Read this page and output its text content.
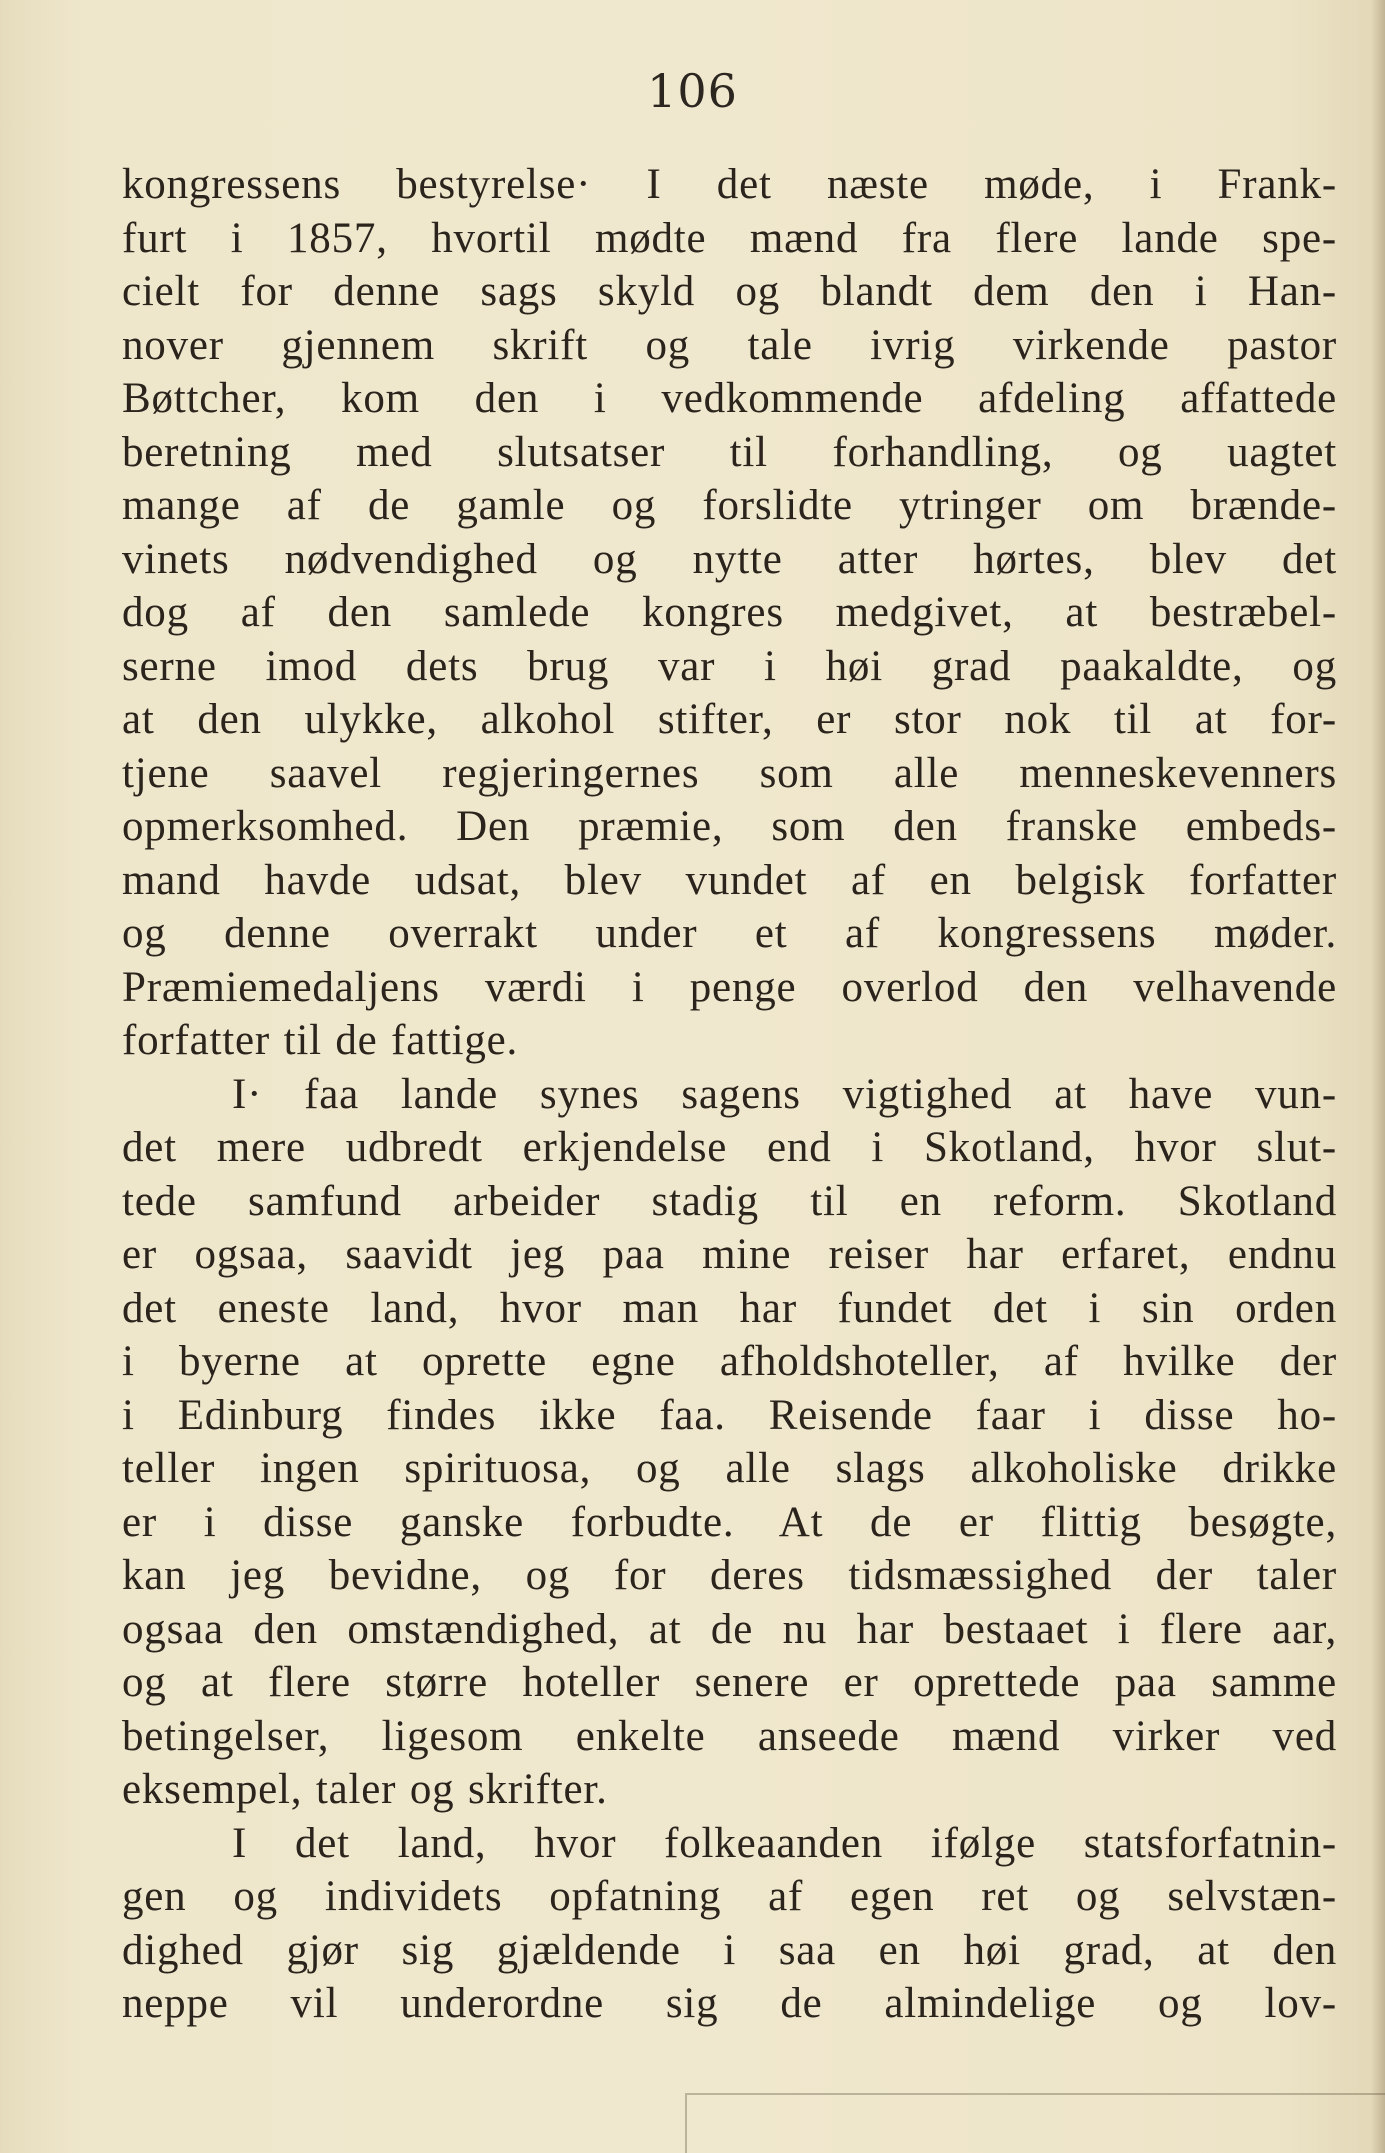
106
kongressens bestyrelse· I det næste møde, i Frank-
furt i 1857, hvortil mødte mænd fra flere lande spe-
cielt for denne sags skyld og blandt dem den i Han-
nover gjennem skrift og tale ivrig virkende pastor
Bøttcher, kom den i vedkommende afdeling affattede
beretning med slutsatser til forhandling, og uagtet
mange af de gamle og forslidte ytringer om brænde-
vinets nødvendighed og nytte atter hørtes, blev det
dog af den samlede kongres medgivet, at bestræbel-
serne imod dets brug var i høi grad paakaldte, og
at den ulykke, alkohol stifter, er stor nok til at for-
tjene saavel regjeringernes som alle menneskevenners
opmerksomhed. Den præmie, som den franske embeds-
mand havde udsat, blev vundet af en belgisk forfatter
og denne overrakt under et af kongressens møder.
Præmiemedaljens værdi i penge overlod den velhavende
forfatter til de fattige.
I· faa lande synes sagens vigtighed at have vun-
det mere udbredt erkjendelse end i Skotland, hvor slut-
tede samfund arbeider stadig til en reform. Skotland
er ogsaa, saavidt jeg paa mine reiser har erfaret, endnu
det eneste land, hvor man har fundet det i sin orden
i byerne at oprette egne afholdshoteller, af hvilke der
i Edinburg findes ikke faa. Reisende faar i disse ho-
teller ingen spirituosa, og alle slags alkoholiske drikke
er i disse ganske forbudte. At de er flittig besøgte,
kan jeg bevidne, og for deres tidsmæssighed der taler
ogsaa den omstændighed, at de nu har bestaaet i flere aar,
og at flere større hoteller senere er oprettede paa samme
betingelser, ligesom enkelte anseede mænd virker ved
eksempel, taler og skrifter.
I det land, hvor folkeaanden ifølge statsforfatnin-
gen og individets opfatning af egen ret og selvstæn-
dighed gjør sig gjældende i saa en høi grad, at den
neppe vil underordne sig de almindelige og lov-
